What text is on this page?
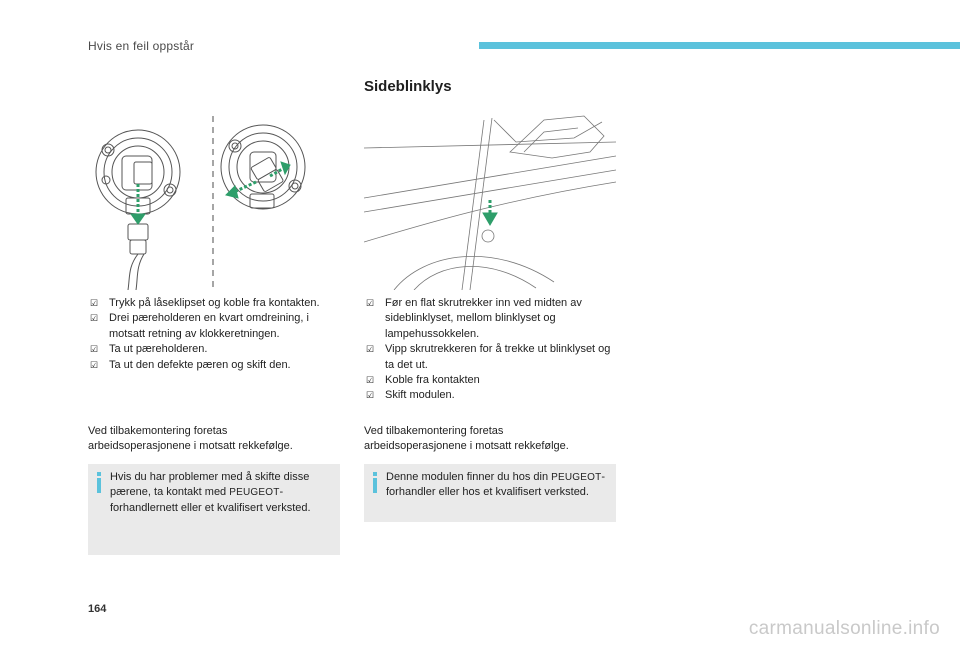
Hvis en feil oppstår
Sideblinklys
☑ Trykk på låseklipset og koble fra kontakten.
☑ Drei pæreholderen en kvart omdreining, i motsatt retning av klokkeretningen.
☑ Ta ut pæreholderen.
☑ Ta ut den defekte pæren og skift den.

Ved tilbakemontering foretas arbeidsoperasjonene i motsatt rekkefølge.

Hvis du har problemer med å skifte disse pærene, ta kontakt med PEUGEOT-forhandlernett eller et kvalifisert verksted.
☑ Før en flat skrutrekker inn ved midten av sideblinklyset, mellom blinklyset og lampehussokkelen.
☑ Vipp skrutrekkeren for å trekke ut blinklyset og ta det ut.
☑ Koble fra kontakten
☑ Skift modulen.

Ved tilbakemontering foretas arbeidsoperasjonene i motsatt rekkefølge.

Denne modulen finner du hos din PEUGEOT-forhandler eller hos et kvalifisert verksted.
164
carmanualsonline.info
